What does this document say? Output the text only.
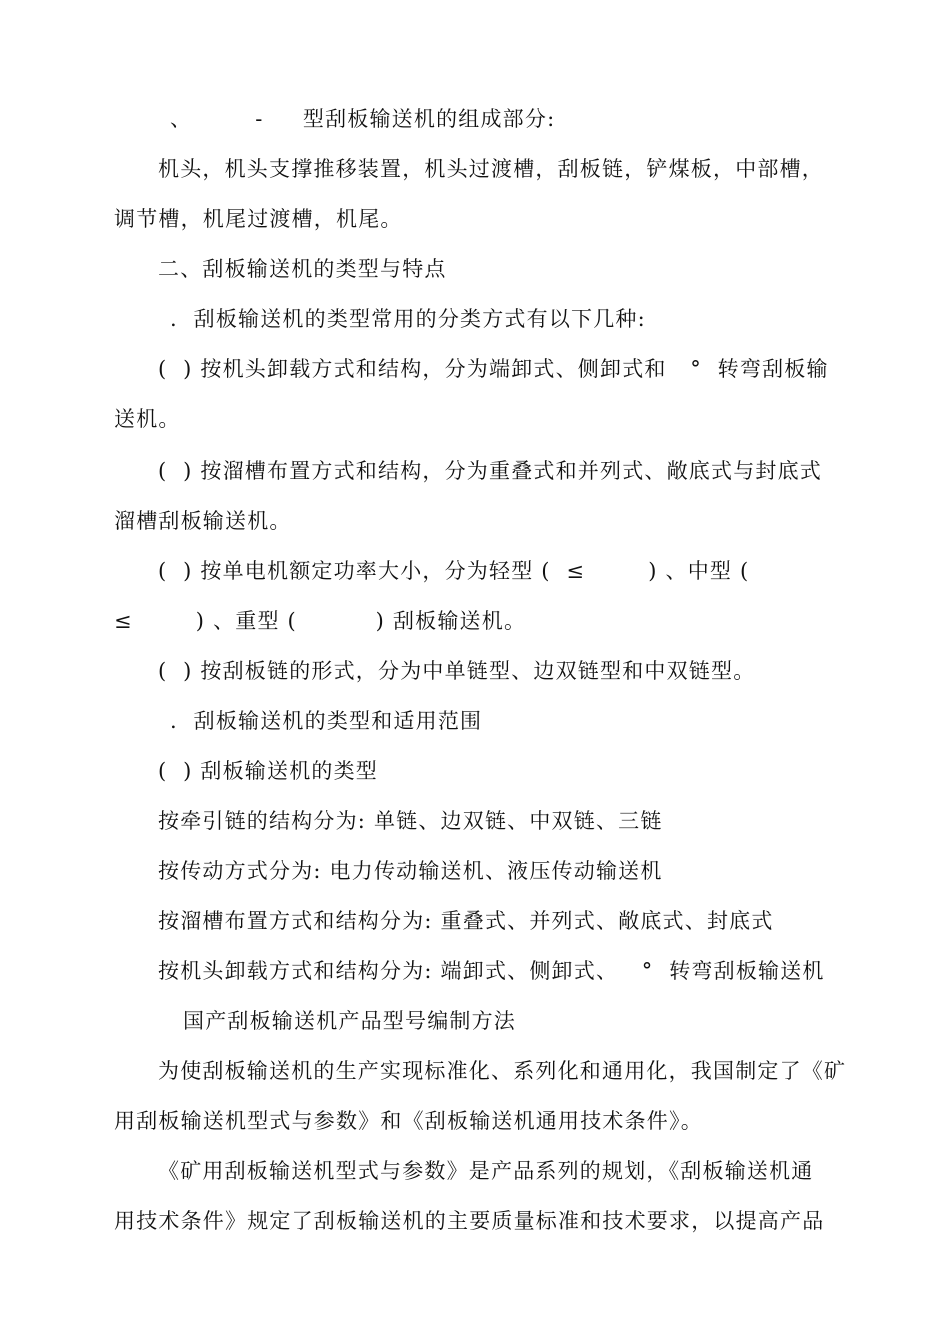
、        -     型刮板输送机的组成部分:
机头，机头支撑推移装置，机头过渡槽，刮板链，铲煤板，中部槽，
调节槽，机尾过渡槽，机尾。
二、刮板输送机的类型与特点
.  刮板输送机的类型常用的分类方式有以下几种:
(  ) 按机头卸载方式和结构，分为端卸式、侧卸式和   °  转弯刮板输
送机。
(  ) 按溜槽布置方式和结构，分为重叠式和并列式、敞底式与封底式
溜槽刮板输送机。
(  ) 按单电机额定功率大小，分为轻型 (  ≤        ) 、中型 (
≤        ) 、重型 (          ) 刮板输送机。
(  ) 按刮板链的形式，分为中单链型、边双链型和中双链型。
.  刮板输送机的类型和适用范围
(  ) 刮板输送机的类型
按牵引链的结构分为: 单链、边双链、中双链、三链
按传动方式分为: 电力传动输送机、液压传动输送机
按溜槽布置方式和结构分为: 重叠式、并列式、敞底式、封底式
按机头卸载方式和结构分为: 端卸式、侧卸式、   °  转弯刮板输送机
国产刮板输送机产品型号编制方法
为使刮板输送机的生产实现标准化、系列化和通用化，我国制定了《矿
用刮板输送机型式与参数》和《刮板输送机通用技术条件》。
《矿用刮板输送机型式与参数》是产品系列的规划，《刮板输送机通
用技术条件》规定了刮板输送机的主要质量标准和技术要求，以提高产品
